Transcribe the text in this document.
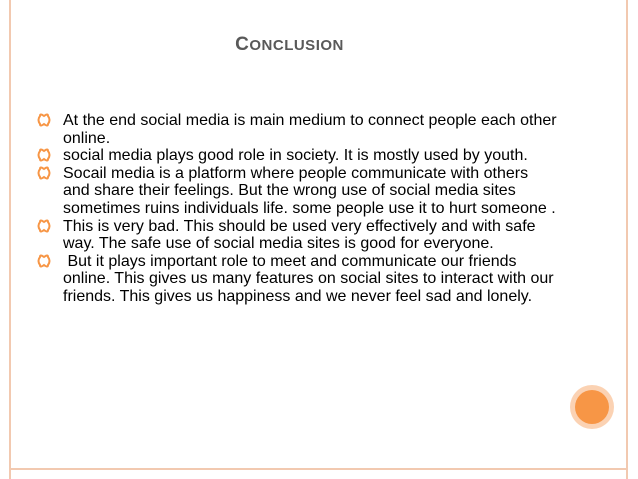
CONCLUSION
At the end social media is main medium to connect people each other online.
social media plays good role in society. It is mostly used by youth.
Socail media is a platform where people communicate with others and share their feelings. But the wrong use of social media sites sometimes ruins individuals life. some people use it to hurt someone .
This is very bad. This should be used very effectively and with safe way. The safe use of social media sites is good for everyone.
But it plays important role to meet and communicate our friends online. This gives us many features on social sites to interact with our friends. This gives us happiness and we never feel sad and lonely.
